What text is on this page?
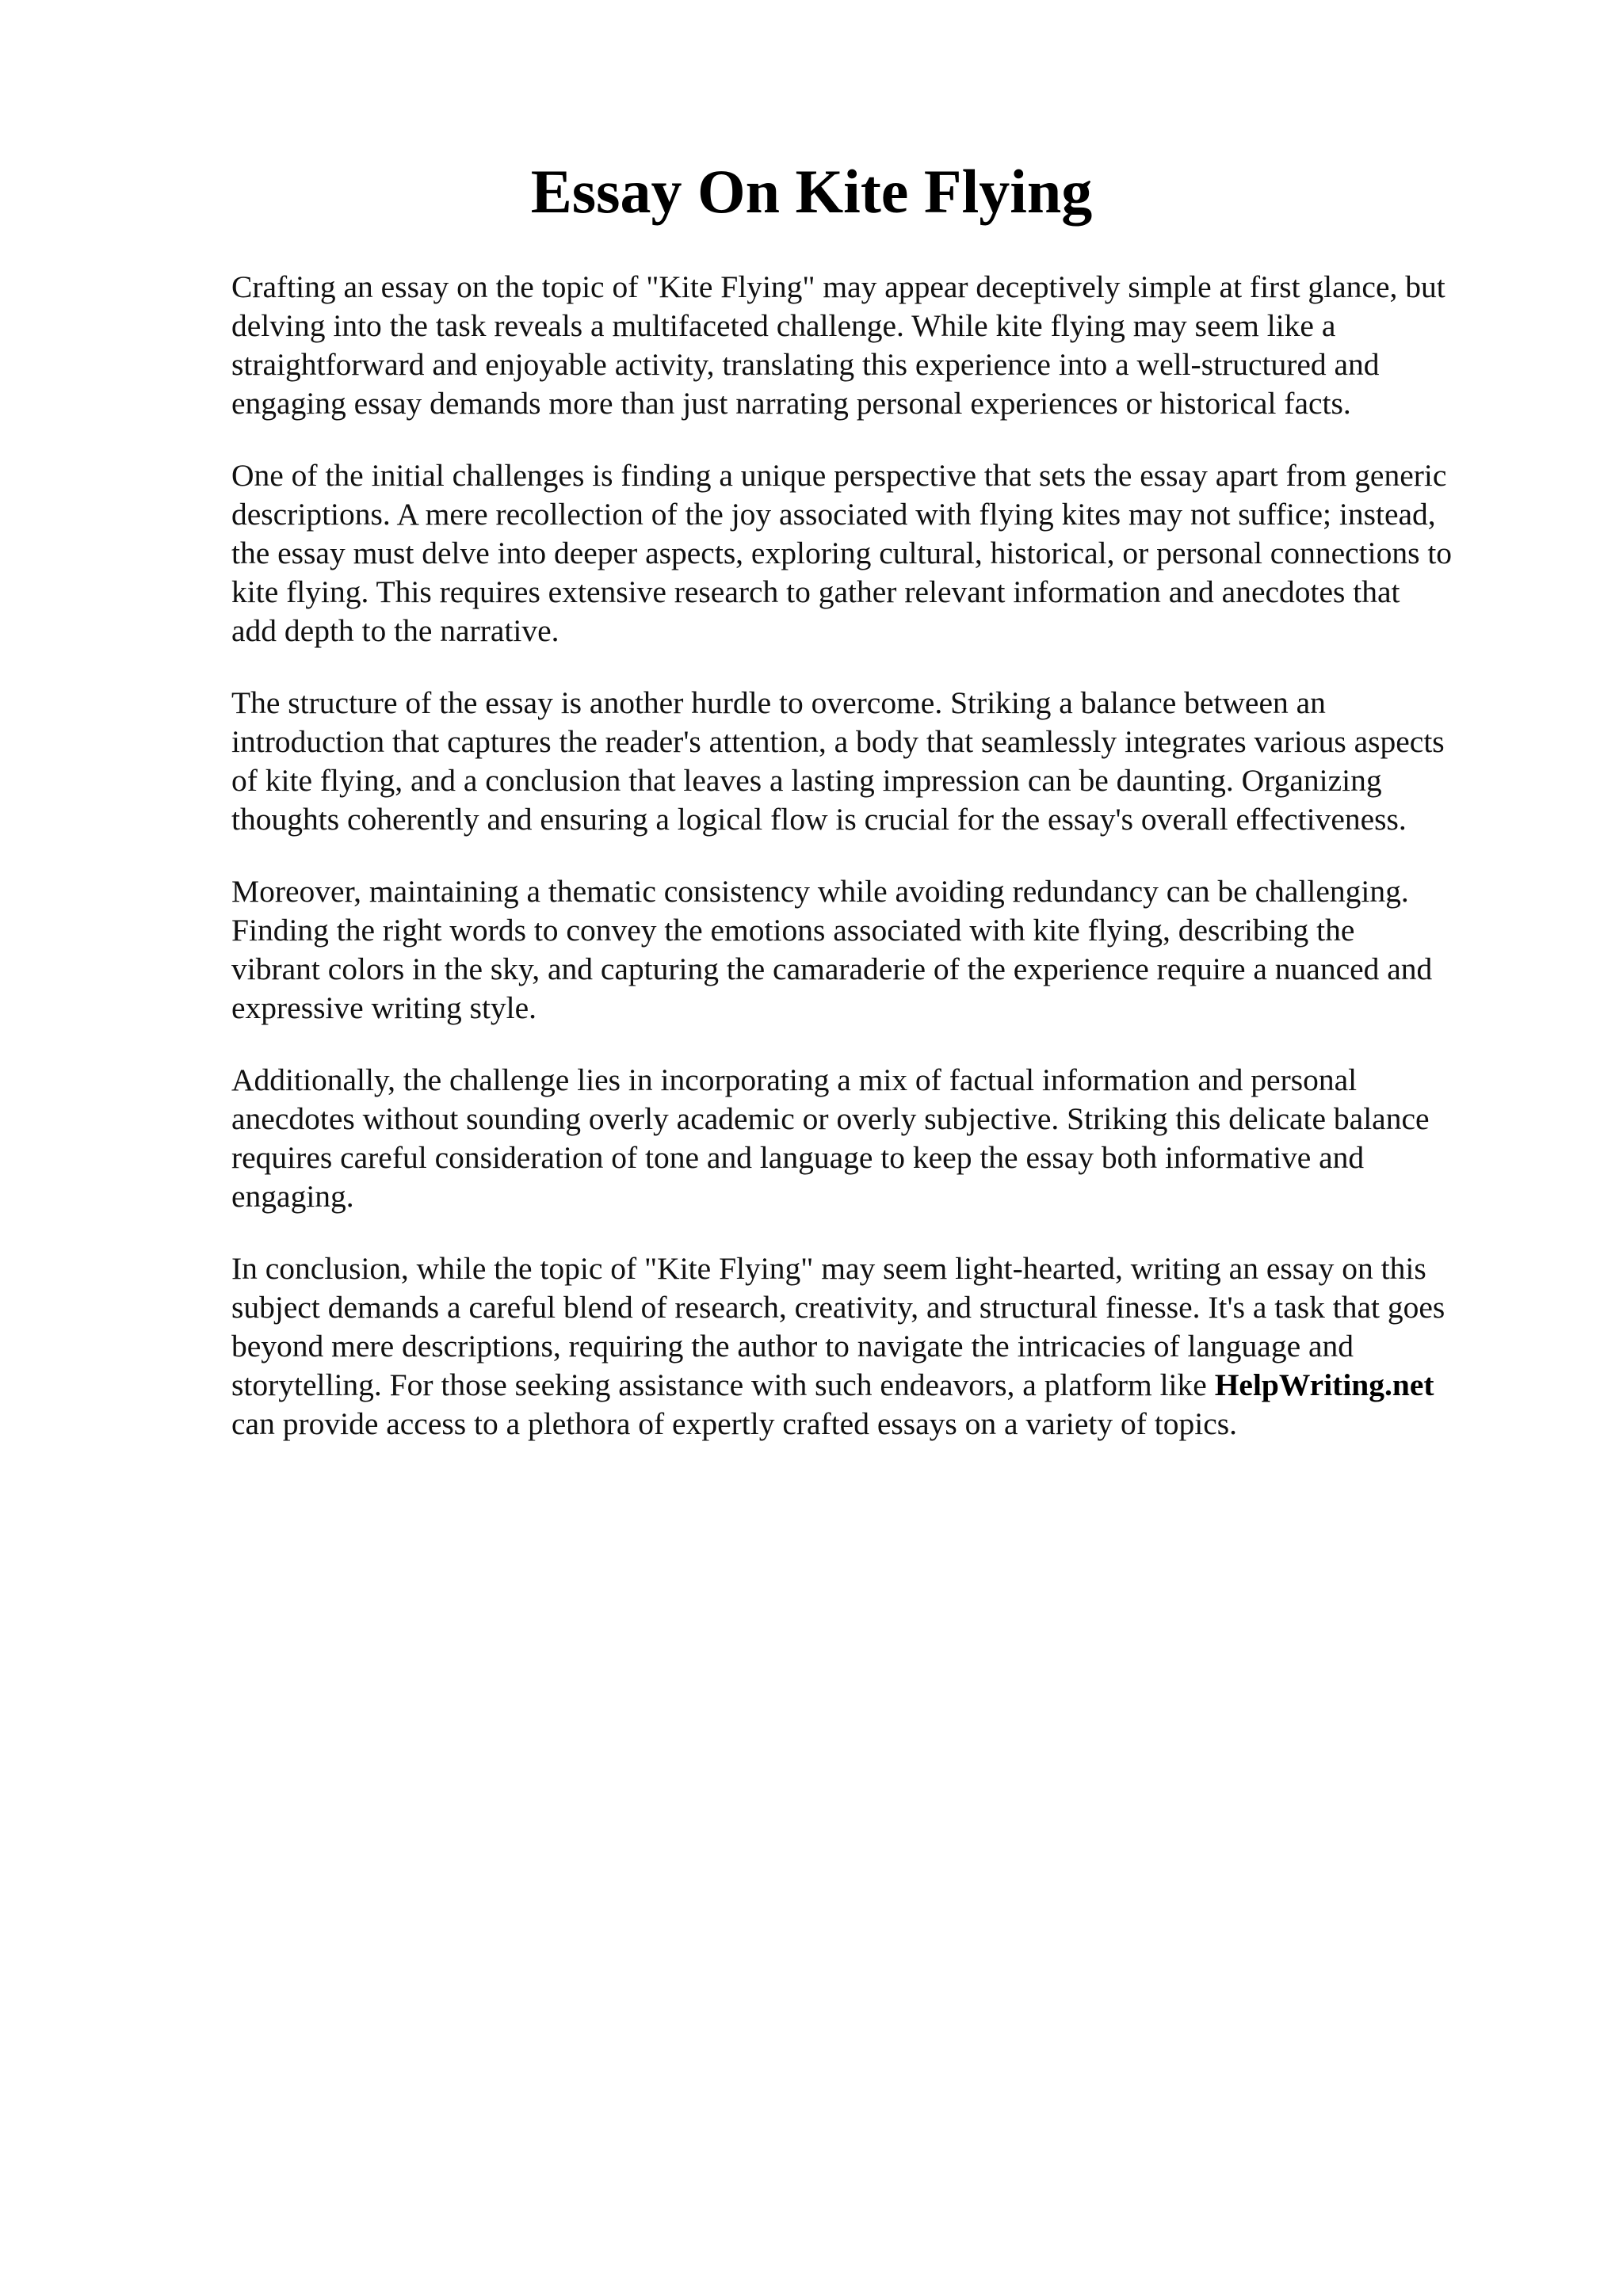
Essay On Kite Flying

Crafting an essay on the topic of "Kite Flying" may appear deceptively simple at first glance, but
delving into the task reveals a multifaceted challenge. While kite flying may seem like a
straightforward and enjoyable activity, translating this experience into a well-structured and
engaging essay demands more than just narrating personal experiences or historical facts.

One of the initial challenges is finding a unique perspective that sets the essay apart from generic
descriptions. A mere recollection of the joy associated with flying kites may not suffice; instead,
the essay must delve into deeper aspects, exploring cultural, historical, or personal connections to
kite flying. This requires extensive research to gather relevant information and anecdotes that
add depth to the narrative.

The structure of the essay is another hurdle to overcome. Striking a balance between an
introduction that captures the reader's attention, a body that seamlessly integrates various aspects
of kite flying, and a conclusion that leaves a lasting impression can be daunting. Organizing
thoughts coherently and ensuring a logical flow is crucial for the essay's overall effectiveness.

Moreover, maintaining a thematic consistency while avoiding redundancy can be challenging.
Finding the right words to convey the emotions associated with kite flying, describing the
vibrant colors in the sky, and capturing the camaraderie of the experience require a nuanced and
expressive writing style.

Additionally, the challenge lies in incorporating a mix of factual information and personal
anecdotes without sounding overly academic or overly subjective. Striking this delicate balance
requires careful consideration of tone and language to keep the essay both informative and
engaging.

In conclusion, while the topic of "Kite Flying" may seem light-hearted, writing an essay on this
subject demands a careful blend of research, creativity, and structural finesse. It's a task that goes
beyond mere descriptions, requiring the author to navigate the intricacies of language and
storytelling. For those seeking assistance with such endeavors, a platform like HelpWriting.net
can provide access to a plethora of expertly crafted essays on a variety of topics.
